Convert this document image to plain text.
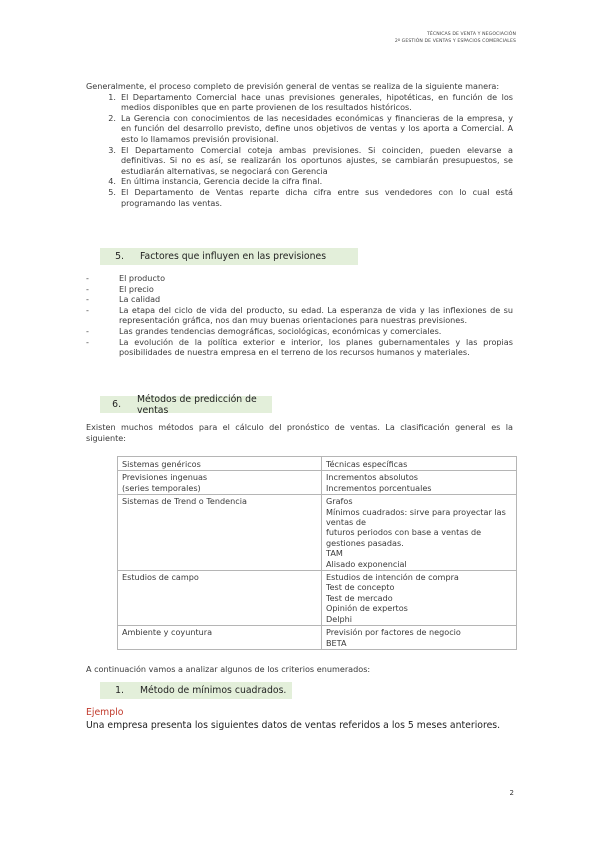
TÉCNICAS DE VENTA Y NEGOCIACIÓN
2º GESTIÓN DE VENTAS Y ESPACIOS COMERCIALES

Generalmente, el proceso completo de previsión general de ventas se realiza de la siguiente manera:

1. El Departamento Comercial hace unas previsiones generales, hipotéticas, en función de los medios disponibles que en parte provienen de los resultados históricos.
2. La Gerencia con conocimientos de las necesidades económicas y financieras de la empresa, y en función del desarrollo previsto, define unos objetivos de ventas y los aporta a Comercial. A esto lo llamamos previsión provisional.
3. El Departamento Comercial coteja ambas previsiones. Si coinciden, pueden elevarse a definitivas. Si no es así, se realizarán los oportunos ajustes, se cambiarán presupuestos, se estudiarán alternativas, se negociará con Gerencia
4. En última instancia, Gerencia decide la cifra final.
5. El Departamento de Ventas reparte dicha cifra entre sus vendedores con lo cual está programando las ventas.
5.	Factores que influyen en las previsiones
-	El producto
-	El precio
-	La calidad
-	La etapa del ciclo de vida del producto, su edad. La esperanza de vida y las inflexiones de su representación gráfica, nos dan muy buenas orientaciones para nuestras previsiones.
-	Las grandes tendencias demográficas, sociológicas, económicas y comerciales.
-	La evolución de la política exterior e interior, los planes gubernamentales y las propias posibilidades de nuestra empresa en el terreno de los recursos humanos y materiales.
6.	Métodos de predicción de ventas

Existen muchos métodos para el cálculo del pronóstico de ventas. La clasificación general es la siguiente:

Sistemas genéricos	Técnicas específicas

Previsiones ingenuas
(series temporales)	Incrementos absolutos
Incrementos porcentuales

Sistemas de Trend o Tendencia	Grafos
Mínimos cuadrados: sirve para proyectar las ventas de
futuros periodos con base a ventas de gestiones pasadas.
TAM
Alisado exponencial

Estudios de campo	Estudios de intención de compra
Test de concepto
Test de mercado
Opinión de expertos
Delphi

Ambiente y coyuntura	Previsión por factores de negocio
BETA

A continuación vamos a analizar algunos de los criterios enumerados:

1.	Método de mínimos cuadrados.
Ejemplo
Una empresa presenta los siguientes datos de ventas referidos a los 5 meses anteriores.
2
